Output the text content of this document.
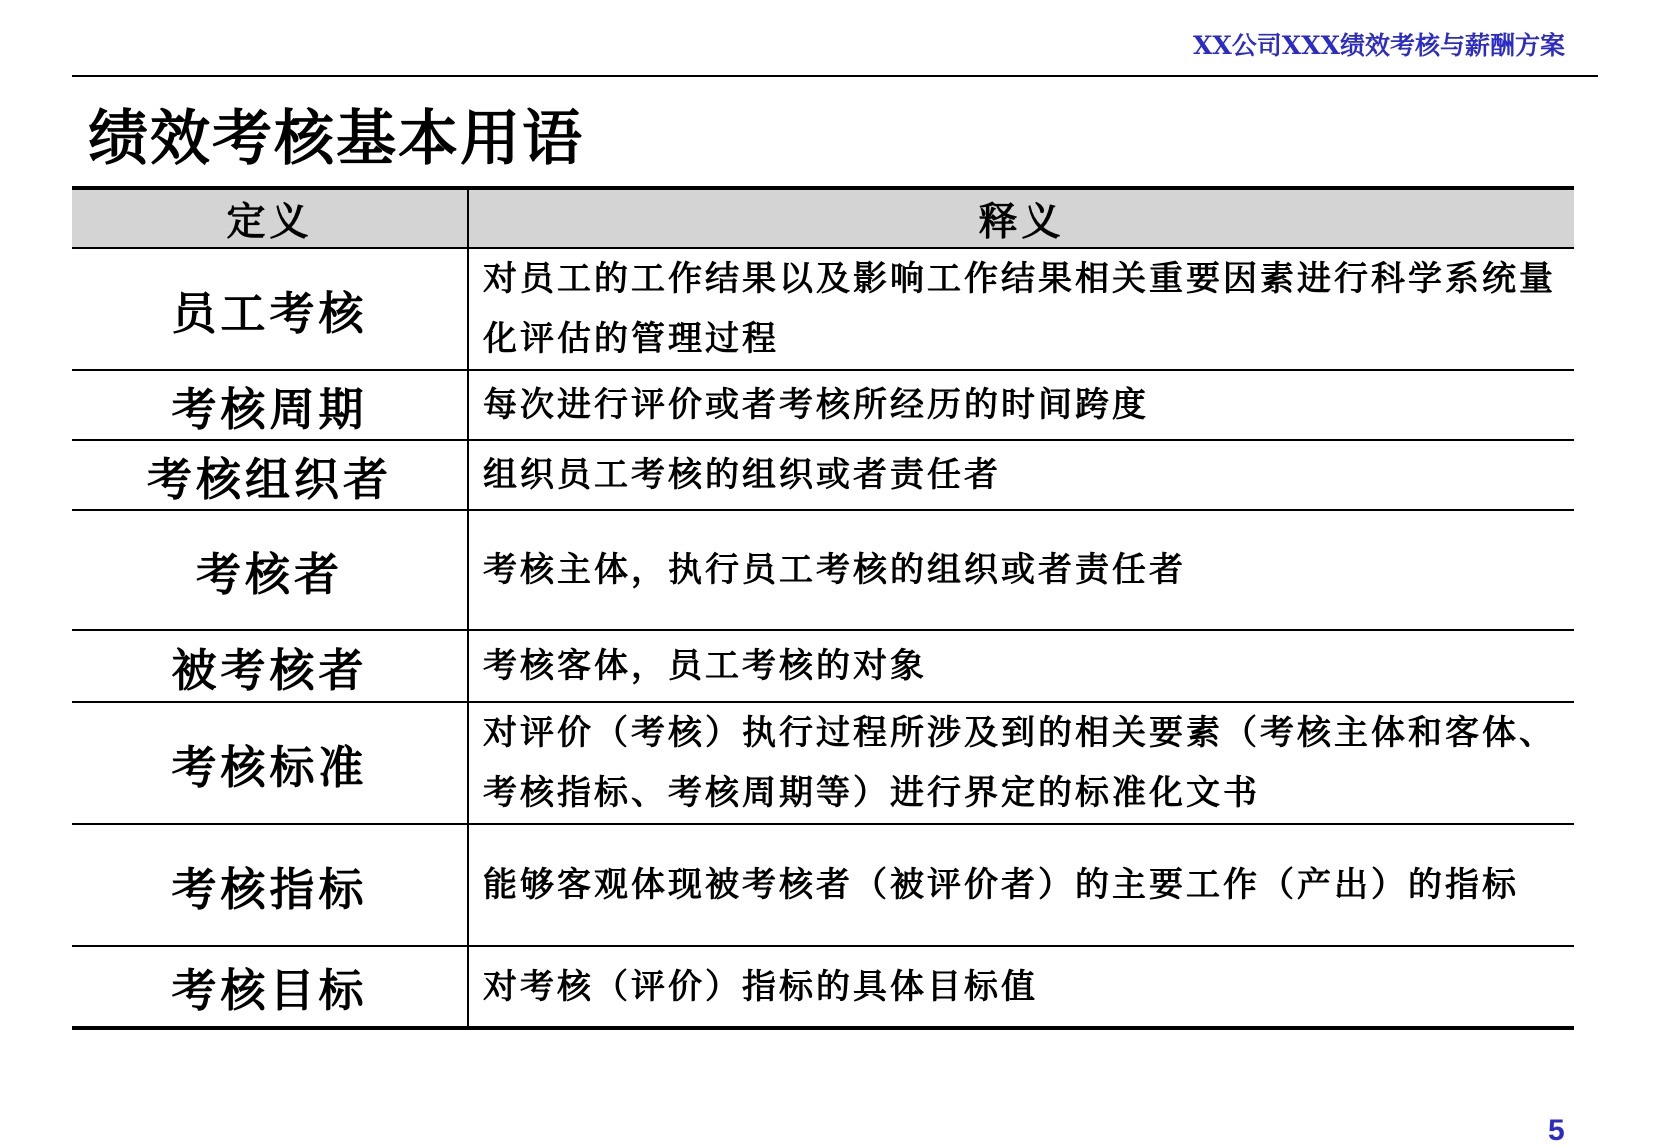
XX公司XXX绩效考核与薪酬方案
绩效考核基本用语
定义	释义
员工考核	对员工的工作结果以及影响工作结果相关重要因素进行科学系统量化评估的管理过程
考核周期	每次进行评价或者考核所经历的时间跨度
考核组织者	组织员工考核的组织或者责任者
考核者	考核主体，执行员工考核的组织或者责任者
被考核者	考核客体，员工考核的对象
考核标准	对评价（考核）执行过程所涉及到的相关要素（考核主体和客体、考核指标、考核周期等）进行界定的标准化文书
考核指标	能够客观体现被考核者（被评价者）的主要工作（产出）的指标
考核目标	对考核（评价）指标的具体目标值
5
